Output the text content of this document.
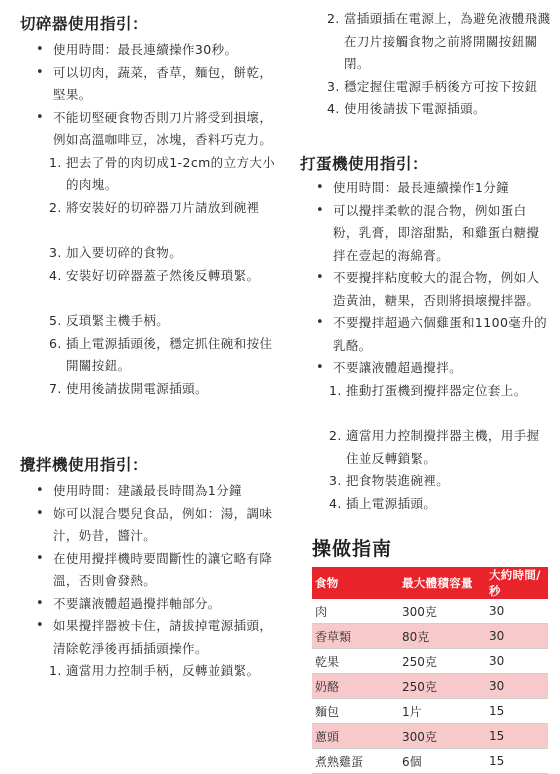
切碎器使用指引：
• 使用時間：最長連續操作30秒。
• 可以切肉，蔬菜，香草，麵包，餅乾，堅果。
• 不能切堅硬食物否則刀片將受到損壞，例如高溫咖啡豆，冰塊，香料巧克力。
1. 把去了骨的肉切成1-2cm的立方大小的肉塊。
2. 將安裝好的切碎器刀片請放到碗裡
3. 加入要切碎的食物。
4. 安裝好切碎器蓋子然後反轉瑣緊。
5. 反瑣緊主機手柄。
6. 插上電源插頭後，穩定抓住碗和按住開關按鈕。
7. 使用後請拔開電源插頭。
攪拌機使用指引：
• 使用時間：建議最長時間為1分鐘
• 妳可以混合嬰兒食品，例如：湯，調味汁，奶昔，醬汁。
• 在使用攪拌機時要間斷性的讓它略有降溫，否則會發熱。
• 不要讓液體超過攪拌軸部分。
• 如果攪拌器被卡住，請拔掉電源插頭，清除乾淨後再插插頭操作。
1. 適當用力控制手柄，反轉並鎖緊。
2. 當插頭插在電源上，為避免液體飛濺在刀片接觸食物之前將開關按鈕關閉。
3. 穩定握住電源手柄後方可按下按鈕
4. 使用後請拔下電源插頭。
打蛋機使用指引：
• 使用時間：最長連續操作1分鐘
• 可以攪拌柔軟的混合物，例如蛋白粉，乳膏，即溶甜點，和雞蛋白糖攪拌在壹起的海綿膏。
• 不要攪拌粘度較大的混合物，例如人造黃油，糖果，否則將損壞攪拌器。
• 不要攪拌超過六個雞蛋和1100毫升的乳酪。
• 不要讓液體超過攪拌。
1. 推動打蛋機到攪拌器定位套上。
2. 適當用力控制攪拌器主機，用手握住並反轉鎖緊。
3. 把食物裝進碗裡。
4. 插上電源插頭。
操做指南
食物	最大體積容量	大約時間/秒
肉	300克	30
香草類	80克	30
乾果	250克	30
奶酪	250克	30
麵包	1片	15
蔥頭	300克	15
煮熟雞蛋	6個	15
